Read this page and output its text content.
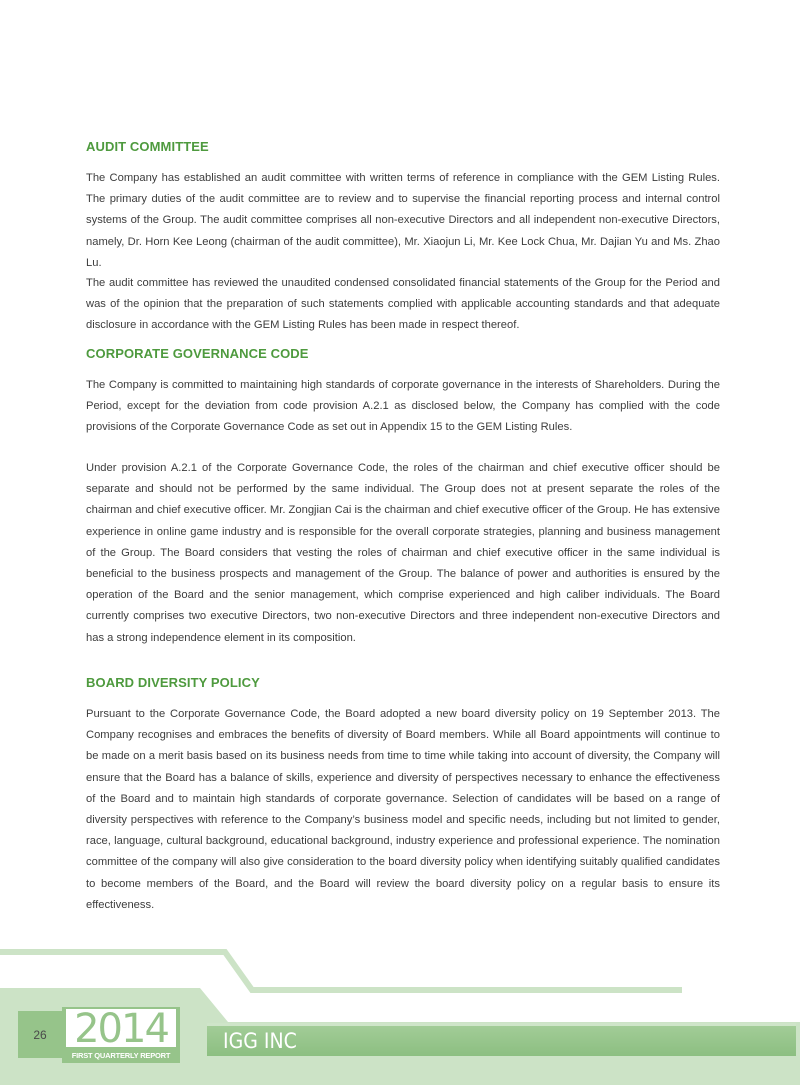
AUDIT COMMITTEE

The Company has established an audit committee with written terms of reference in compliance with the GEM Listing Rules. The primary duties of the audit committee are to review and to supervise the financial reporting process and internal control systems of the Group. The audit committee comprises all non-executive Directors and all independent non-executive Directors, namely, Dr. Horn Kee Leong (chairman of the audit committee), Mr. Xiaojun Li, Mr. Kee Lock Chua, Mr. Dajian Yu and Ms. Zhao Lu.

The audit committee has reviewed the unaudited condensed consolidated financial statements of the Group for the Period and was of the opinion that the preparation of such statements complied with applicable accounting standards and that adequate disclosure in accordance with the GEM Listing Rules has been made in respect thereof.

CORPORATE GOVERNANCE CODE

The Company is committed to maintaining high standards of corporate governance in the interests of Shareholders. During the Period, except for the deviation from code provision A.2.1 as disclosed below, the Company has complied with the code provisions of the Corporate Governance Code as set out in Appendix 15 to the GEM Listing Rules.

Under provision A.2.1 of the Corporate Governance Code, the roles of the chairman and chief executive officer should be separate and should not be performed by the same individual. The Group does not at present separate the roles of the chairman and chief executive officer. Mr. Zongjian Cai is the chairman and chief executive officer of the Group. He has extensive experience in online game industry and is responsible for the overall corporate strategies, planning and business management of the Group. The Board considers that vesting the roles of chairman and chief executive officer in the same individual is beneficial to the business prospects and management of the Group. The balance of power and authorities is ensured by the operation of the Board and the senior management, which comprise experienced and high caliber individuals. The Board currently comprises two executive Directors, two non-executive Directors and three independent non-executive Directors and has a strong independence element in its composition.

BOARD DIVERSITY POLICY

Pursuant to the Corporate Governance Code, the Board adopted a new board diversity policy on 19 September 2013. The Company recognises and embraces the benefits of diversity of Board members. While all Board appointments will continue to be made on a merit basis based on its business needs from time to time while taking into account of diversity, the Company will ensure that the Board has a balance of skills, experience and diversity of perspectives necessary to enhance the effectiveness of the Board and to maintain high standards of corporate governance. Selection of candidates will be based on a range of diversity perspectives with reference to the Company’s business model and specific needs, including but not limited to gender, race, language, cultural background, educational background, industry experience and professional experience. The nomination committee of the company will also give consideration to the board diversity policy when identifying suitably qualified candidates to become members of the Board, and the Board will review the board diversity policy on a regular basis to ensure its effectiveness.

26 2014
FIRST QUARTERLY REPORT
IGG INC
